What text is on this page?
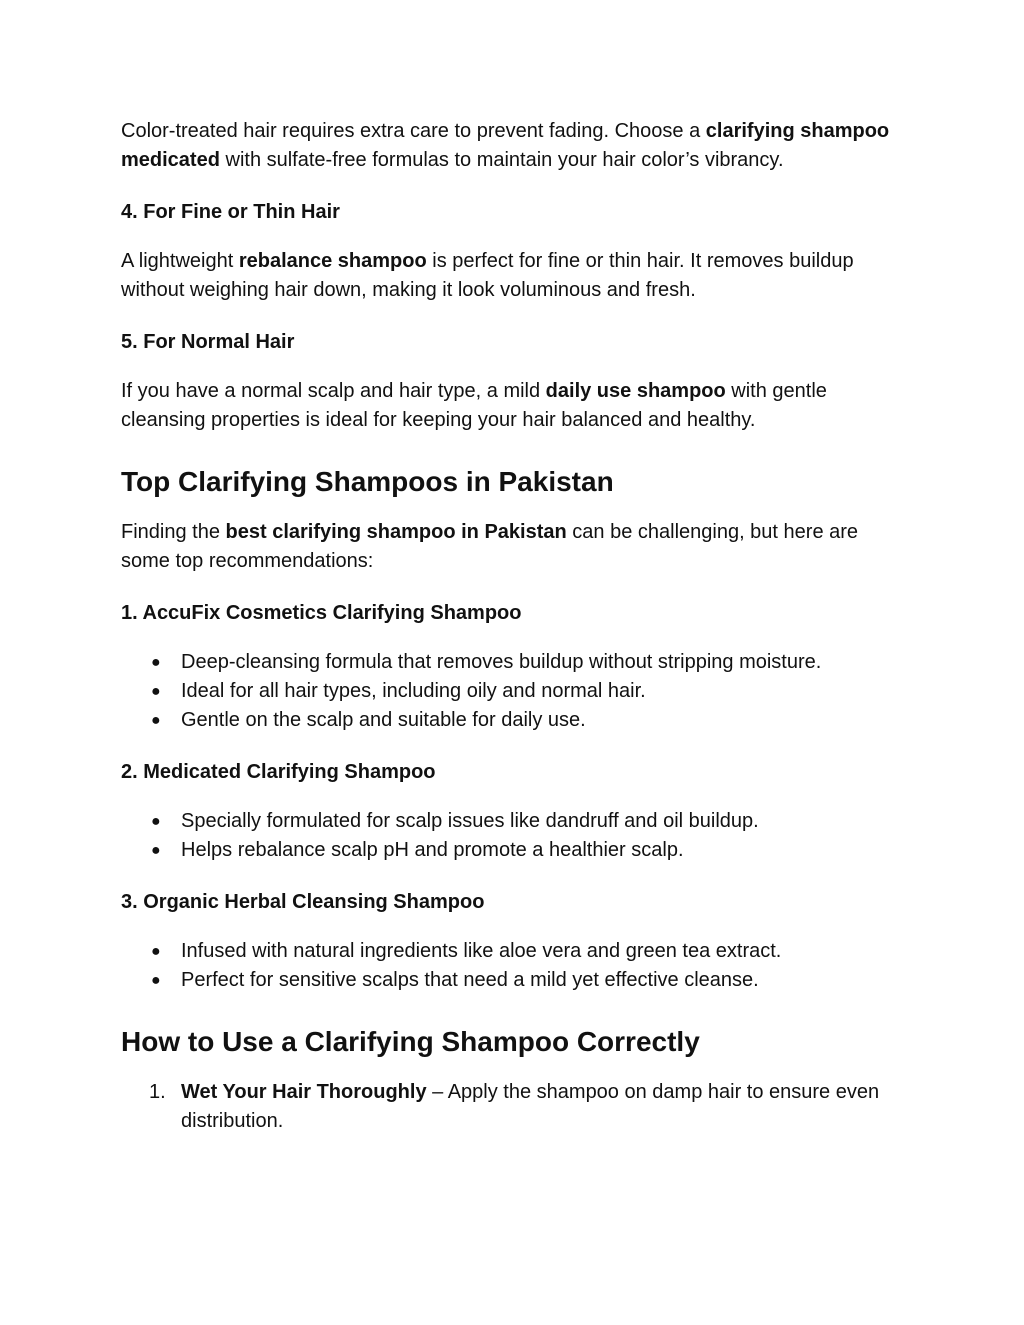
Color-treated hair requires extra care to prevent fading. Choose a clarifying shampoo medicated with sulfate-free formulas to maintain your hair color’s vibrancy.

4. For Fine or Thin Hair

A lightweight rebalance shampoo is perfect for fine or thin hair. It removes buildup without weighing hair down, making it look voluminous and fresh.

5. For Normal Hair

If you have a normal scalp and hair type, a mild daily use shampoo with gentle cleansing properties is ideal for keeping your hair balanced and healthy.

Top Clarifying Shampoos in Pakistan

Finding the best clarifying shampoo in Pakistan can be challenging, but here are some top recommendations:

1. AccuFix Cosmetics Clarifying Shampoo
● Deep-cleansing formula that removes buildup without stripping moisture.
● Ideal for all hair types, including oily and normal hair.
● Gentle on the scalp and suitable for daily use.
2. Medicated Clarifying Shampoo
● Specially formulated for scalp issues like dandruff and oil buildup.
● Helps rebalance scalp pH and promote a healthier scalp.
3. Organic Herbal Cleansing Shampoo
● Infused with natural ingredients like aloe vera and green tea extract.
● Perfect for sensitive scalps that need a mild yet effective cleanse.
How to Use a Clarifying Shampoo Correctly
1. Wet Your Hair Thoroughly – Apply the shampoo on damp hair to ensure even distribution.
